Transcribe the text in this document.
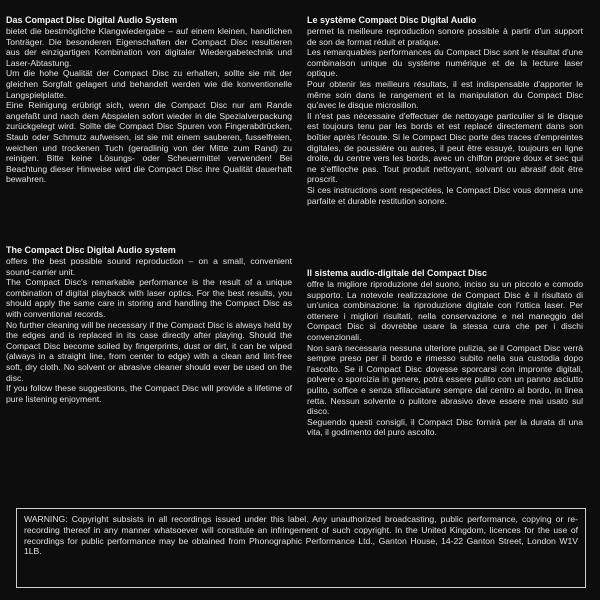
Das Compact Disc Digital Audio System

bietet die bestmögliche Klangwiedergabe – auf einem kleinen, handlichen Tonträger. Die besonderen Eigenschaften der Compact Disc resultieren aus der einzigartigen Kombination von digitaler Wiedergabetechnik und Laser-Abtastung.

Um die hohe Qualität der Compact Disc zu erhalten, sollte sie mit der gleichen Sorgfalt gelagert und behandelt werden wie die konventionelle Langspielplatte.

Eine Reinigung erübrigt sich, wenn die Compact Disc nur am Rande angefaßt und nach dem Abspielen sofort wieder in die Spezialverpackung zurückgelegt wird. Sollte die Compact Disc Spuren von Fingerabdrücken, Staub oder Schmutz aufweisen, ist sie mit einem sauberen, fusselfreien, weichen und trockenen Tuch (geradlinig von der Mitte zum Rand) zu reinigen. Bitte keine Lösungs- oder Scheuermittel verwenden! Bei Beachtung dieser Hinweise wird die Compact Disc ihre Qualität dauerhaft bewahren.

The Compact Disc Digital Audio system

offers the best possible sound reproduction – on a small, convenient sound-carrier unit.

The Compact Disc's remarkable performance is the result of a unique combination of digital playback with laser optics. For the best results, you should apply the same care in storing and handling the Compact Disc as with conventional records.

No further cleaning will be necessary if the Compact Disc is always held by the edges and is replaced in its case directly after playing. Should the Compact Disc become soiled by fingerprints, dust or dirt, it can be wiped (always in a straight line, from center to edge) with a clean and lint-free soft, dry cloth. No solvent or abrasive cleaner should ever be used on the disc.

If you follow these suggestions, the Compact Disc will provide a lifetime of pure listening enjoyment.

Le système Compact Disc Digital Audio

permet la meilleure reproduction sonore possible à partir d'un support de son de format réduit et pratique.

Les remarquables performances du Compact Disc sont le résultat d'une combinaison unique du système numérique et de la lecture laser optique.

Pour obtenir les meilleurs résultats, il est indispensable d'apporter le même soin dans le rangement et la manipulation du Compact Disc qu'avec le disque microsillon.

Il n'est pas nécessaire d'effectuer de nettoyage particulier si le disque est toujours tenu par les bords et est replacé directement dans son boîtier après l'écoute. Si le Compact Disc porte des traces d'empreintes digitales, de poussière ou autres, il peut être essuyé, toujours en ligne droite, du centre vers les bords, avec un chiffon propre doux et sec qui ne s'effiloche pas. Tout produit nettoyant, solvant ou abrasif doit être proscrit.

Si ces instructions sont respectées, le Compact Disc vous donnera une parfaite et durable restitution sonore.

Il sistema audio-digitale del Compact Disc

offre la migliore riproduzione del suono, inciso su un piccolo e comodo supporto. La notevole realizzazione de Compact Disc è il risultato di un'unica combinazione: la riproduzione digitale con l'ottica laser. Per ottenere i migliori risultati, nella conservazione e nel maneggio del Compact Disc si dovrebbe usare la stessa cura che per i dischi convenzionali.

Non sarà necessaria nessuna ulteriore pulizia, se il Compact Disc verrà sempre preso per il bordo e rimesso subito nella sua custodia dopo l'ascolto. Se il Compact Disc dovesse sporcarsi con impronte digitali, polvere o sporcizia in genere, potrà essere pulito con un panno asciutto pulito, soffice e senza sfilacciature sempre dal centro al bordo, in linea retta. Nessun solvente o pulitore abrasivo deve essere mai usato sul disco.

Seguendo questi consigli, il Compact Disc fornirà per la durata di una vita, il godimento del puro ascolto.

WARNING: Copyright subsists in all recordings issued under this label. Any unauthorized broadcasting, public performance, copying or re-recording thereof in any manner whatsoever will constitute an infringement of such copyright. In the United Kingdom, licences for the use of recordings for public performance may be obtained from Phonographic Performance Ltd., Ganton House, 14-22 Ganton Street, London W1V 1LB.
